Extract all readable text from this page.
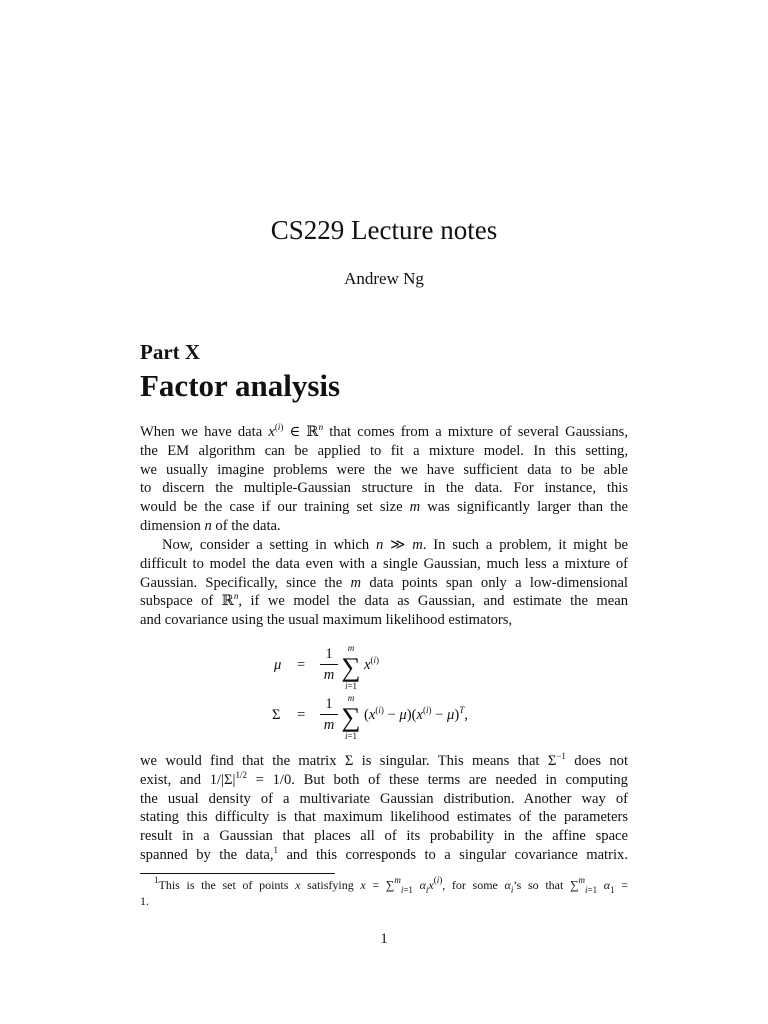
CS229 Lecture notes
Andrew Ng
Part X
Factor analysis
When we have data $x^{(i)}$ ∈ ℝ$^n$ that comes from a mixture of several Gaussians,
the EM algorithm can be applied to fit a mixture model. In this setting,
we usually imagine problems were the we have sufficient data to be able
to discern the multiple-Gaussian structure in the data. For instance, this
would be the case if our training set size m was significantly larger than the
dimension n of the data.
Now, consider a setting in which n ≫ m. In such a problem, it might be
difficult to model the data even with a single Gaussian, much less a mixture of
Gaussian. Specifically, since the m data points span only a low-dimensional
subspace of ℝ$^n$, if we model the data as Gaussian, and estimate the mean
and covariance using the usual maximum likelihood estimators,
μ =
1
m
m
∑
i=1
$x^{(i)}$
Σ =
1
m
m
∑
i=1
$(x^{(i)} - \mu)(x^{(i)} - \mu)^T$,
we would find that the matrix Σ is singular. This means that $\Sigma^{-1}$ does not
exist, and $1/|\Sigma|^{1/2} = 1/0$. But both of these terms are needed in computing
the usual density of a multivariate Gaussian distribution. Another way of
stating this difficulty is that maximum likelihood estimates of the parameters
result in a Gaussian that places all of its probability in the affine space
spanned by the data,$^1$ and this corresponds to a singular covariance matrix.
$^1$This is the set of points x satisfying x = ∑$^m_{i=1}$ $\alpha_ix^{(i)}$, for some $\alpha_i’s$ so that ∑$^m_{i=1}$ $\alpha_1$ =
1.
1
